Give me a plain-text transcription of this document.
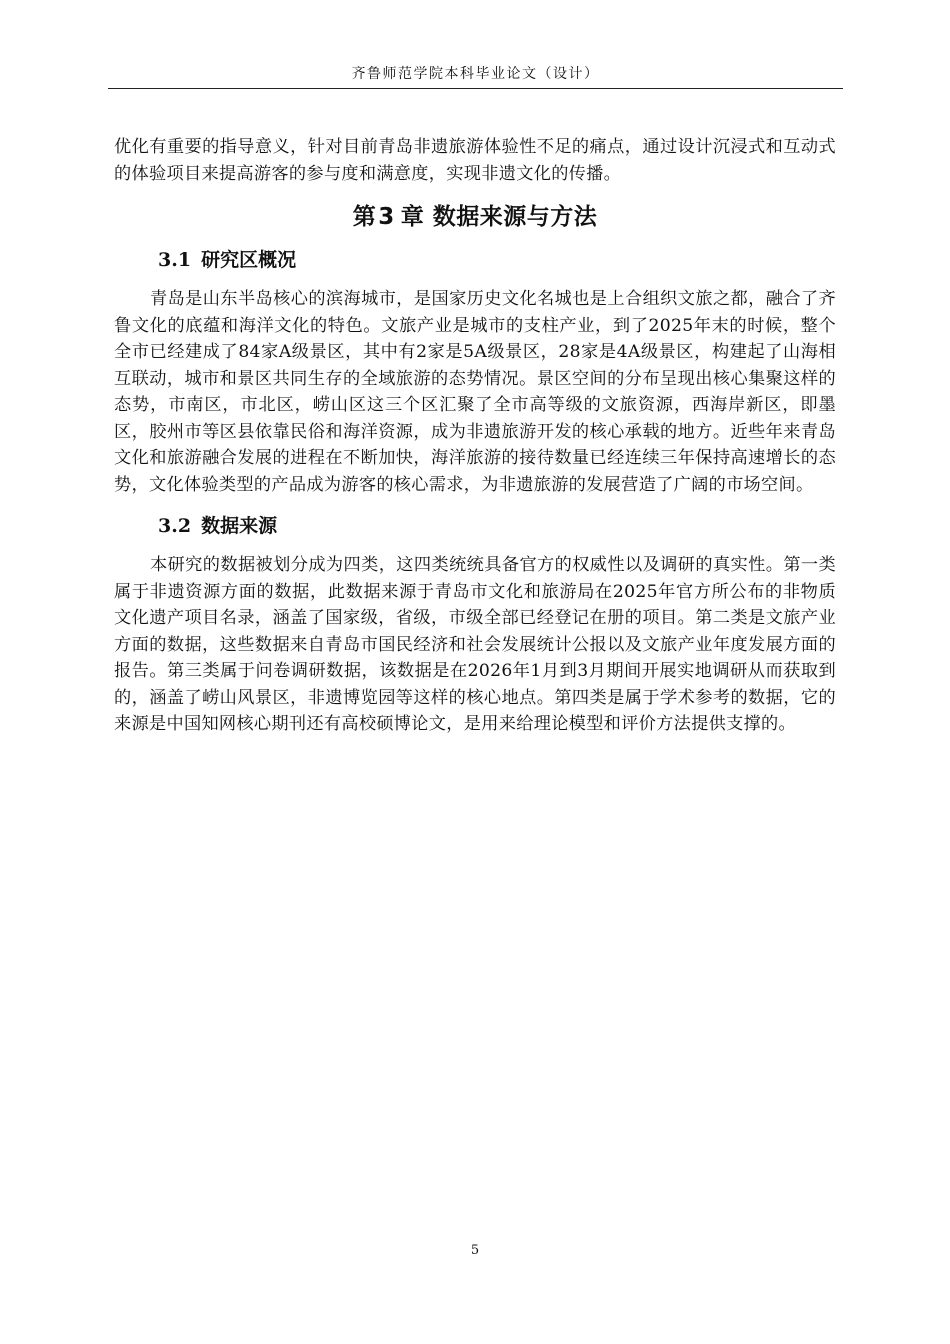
齐鲁师范学院本科毕业论文（设计）

优化有重要的指导意义，针对目前青岛非遗旅游体验性不足的痛点，通过设计沉浸式和互动式的体验项目来提高游客的参与度和满意度，实现非遗文化的传播。

第3 章 数据来源与方法
3.1 研究区概况

青岛是山东半岛核心的滨海城市，是国家历史文化名城也是上合组织文旅之都，融合了齐鲁文化的底蕴和海洋文化的特色。文旅产业是城市的支柱产业，到了2025年末的时候，整个全市已经建成了84家A级景区，其中有2家是5A级景区，28家是4A级景区，构建起了山海相互联动，城市和景区共同生存的全域旅游的态势情况。景区空间的分布呈现出核心集聚这样的态势，市南区，市北区，崂山区这三个区汇聚了全市高等级的文旅资源，西海岸新区，即墨区，胶州市等区县依靠民俗和海洋资源，成为非遗旅游开发的核心承载的地方。近些年来青岛文化和旅游融合发展的进程在不断加快，海洋旅游的接待数量已经连续三年保持高速增长的态势，文化体验类型的产品成为游客的核心需求，为非遗旅游的发展营造了广阔的市场空间。

3.2 数据来源

本研究的数据被划分成为四类，这四类统统具备官方的权威性以及调研的真实性。第一类属于非遗资源方面的数据，此数据来源于青岛市文化和旅游局在2025年官方所公布的非物质文化遗产项目名录，涵盖了国家级，省级，市级全部已经登记在册的项目。第二类是文旅产业方面的数据，这些数据来自青岛市国民经济和社会发展统计公报以及文旅产业年度发展方面的报告。第三类属于问卷调研数据，该数据是在2026年1月到3月期间开展实地调研从而获取到的，涵盖了崂山风景区，非遗博览园等这样的核心地点。第四类是属于学术参考的数据，它的来源是中国知网核心期刊还有高校硕博论文，是用来给理论模型和评价方法提供支撑的。

5
